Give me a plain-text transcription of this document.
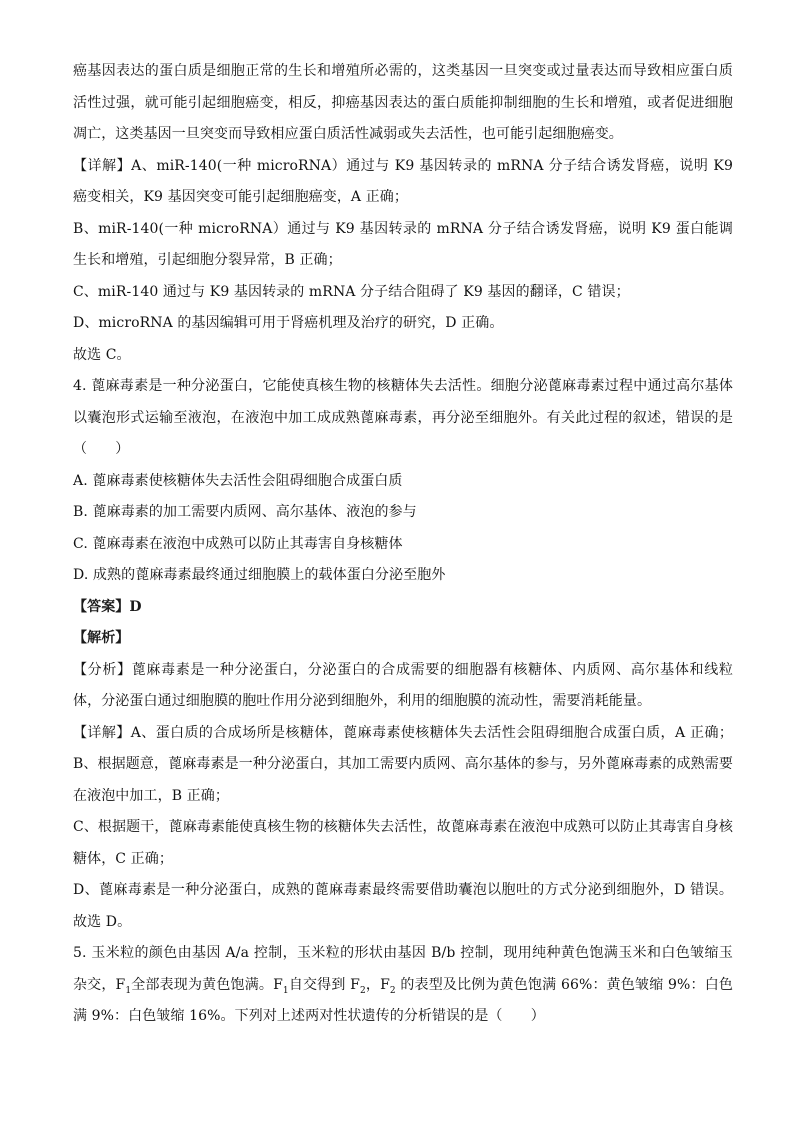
癌基因表达的蛋白质是细胞正常的生长和增殖所必需的，这类基因一旦突变或过量表达而导致相应蛋白质
活性过强，就可能引起细胞癌变，相反，抑癌基因表达的蛋白质能抑制细胞的生长和增殖，或者促进细胞
凋亡，这类基因一旦突变而导致相应蛋白质活性减弱或失去活性，也可能引起细胞癌变。
【详解】A、miR-140(一种 microRNA）通过与 K9 基因转录的 mRNA 分子结合诱发肾癌，说明 K9
癌变相关，K9 基因突变可能引起细胞癌变，A 正确；
B、miR-140(一种 microRNA）通过与 K9 基因转录的 mRNA 分子结合诱发肾癌，说明 K9 蛋白能调
生长和增殖，引起细胞分裂异常，B 正确；
C、miR-140 通过与 K9 基因转录的 mRNA 分子结合阻碍了 K9 基因的翻译，C 错误；
D、microRNA 的基因编辑可用于肾癌机理及治疗的研究，D 正确。
故选 C。
4. 蓖麻毒素是一种分泌蛋白，它能使真核生物的核糖体失去活性。细胞分泌蓖麻毒素过程中通过高尔基体
以囊泡形式运输至液泡，在液泡中加工成成熟蓖麻毒素，再分泌至细胞外。有关此过程的叙述，错误的是
（　　）
A. 蓖麻毒素使核糖体失去活性会阻碍细胞合成蛋白质
B. 蓖麻毒素的加工需要内质网、高尔基体、液泡的参与
C. 蓖麻毒素在液泡中成熟可以防止其毒害自身核糖体
D. 成熟的蓖麻毒素最终通过细胞膜上的载体蛋白分泌至胞外
【答案】D
【解析】
【分析】蓖麻毒素是一种分泌蛋白，分泌蛋白的合成需要的细胞器有核糖体、内质网、高尔基体和线粒
体，分泌蛋白通过细胞膜的胞吐作用分泌到细胞外，利用的细胞膜的流动性，需要消耗能量。
【详解】A、蛋白质的合成场所是核糖体，蓖麻毒素使核糖体失去活性会阻碍细胞合成蛋白质，A 正确；
B、根据题意，蓖麻毒素是一种分泌蛋白，其加工需要内质网、高尔基体的参与，另外蓖麻毒素的成熟需要
在液泡中加工，B 正确；
C、根据题干，蓖麻毒素能使真核生物的核糖体失去活性，故蓖麻毒素在液泡中成熟可以防止其毒害自身核
糖体，C 正确；
D、蓖麻毒素是一种分泌蛋白，成熟的蓖麻毒素最终需要借助囊泡以胞吐的方式分泌到细胞外，D 错误。
故选 D。
5. 玉米粒的颜色由基因 A/a 控制，玉米粒的形状由基因 B/b 控制，现用纯种黄色饱满玉米和白色皱缩玉
杂交，$F_1$全部表现为黄色饱满。$F_1$自交得到 $F_2$，$F_2$ 的表型及比例为黄色饱满 66%：黄色皱缩 9%：白色
满 9%：白色皱缩 16%。下列对上述两对性状遗传的分析错误的是（　　）
